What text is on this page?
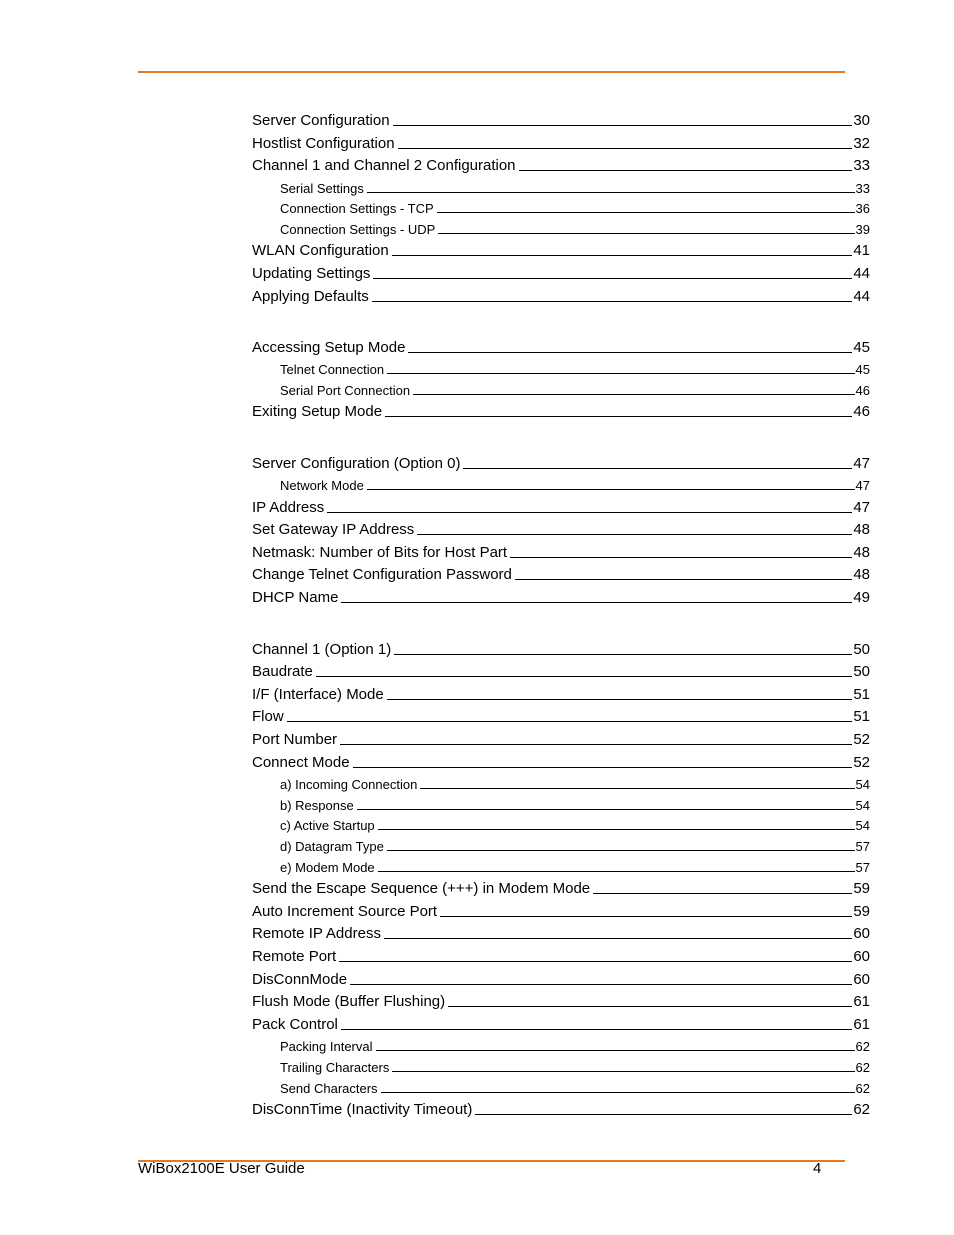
Server Configuration	30
Hostlist Configuration	32
Channel 1 and Channel 2 Configuration	33
Serial Settings	33
Connection Settings - TCP	36
Connection Settings - UDP	39
WLAN Configuration	41
Updating Settings	44
Applying Defaults	44
Accessing Setup Mode	45
Telnet Connection	45
Serial Port Connection	46
Exiting Setup Mode	46
Server Configuration (Option 0)	47
Network Mode	47
IP Address	47
Set Gateway IP Address	48
Netmask: Number of Bits for Host Part	48
Change Telnet Configuration Password	48
DHCP Name	49
Channel 1 (Option 1)	50
Baudrate	50
I/F (Interface) Mode	51
Flow	51
Port Number	52
Connect Mode	52
a) Incoming Connection	54
b) Response	54
c) Active Startup	54
d) Datagram Type	57
e) Modem Mode	57
Send the Escape Sequence (+++) in Modem Mode	59
Auto Increment Source Port	59
Remote IP Address	60
Remote Port	60
DisConnMode	60
Flush Mode (Buffer Flushing)	61
Pack Control	61
Packing Interval	62
Trailing Characters	62
Send Characters	62
DisConnTime (Inactivity Timeout)	62
WiBox2100E User Guide	4
